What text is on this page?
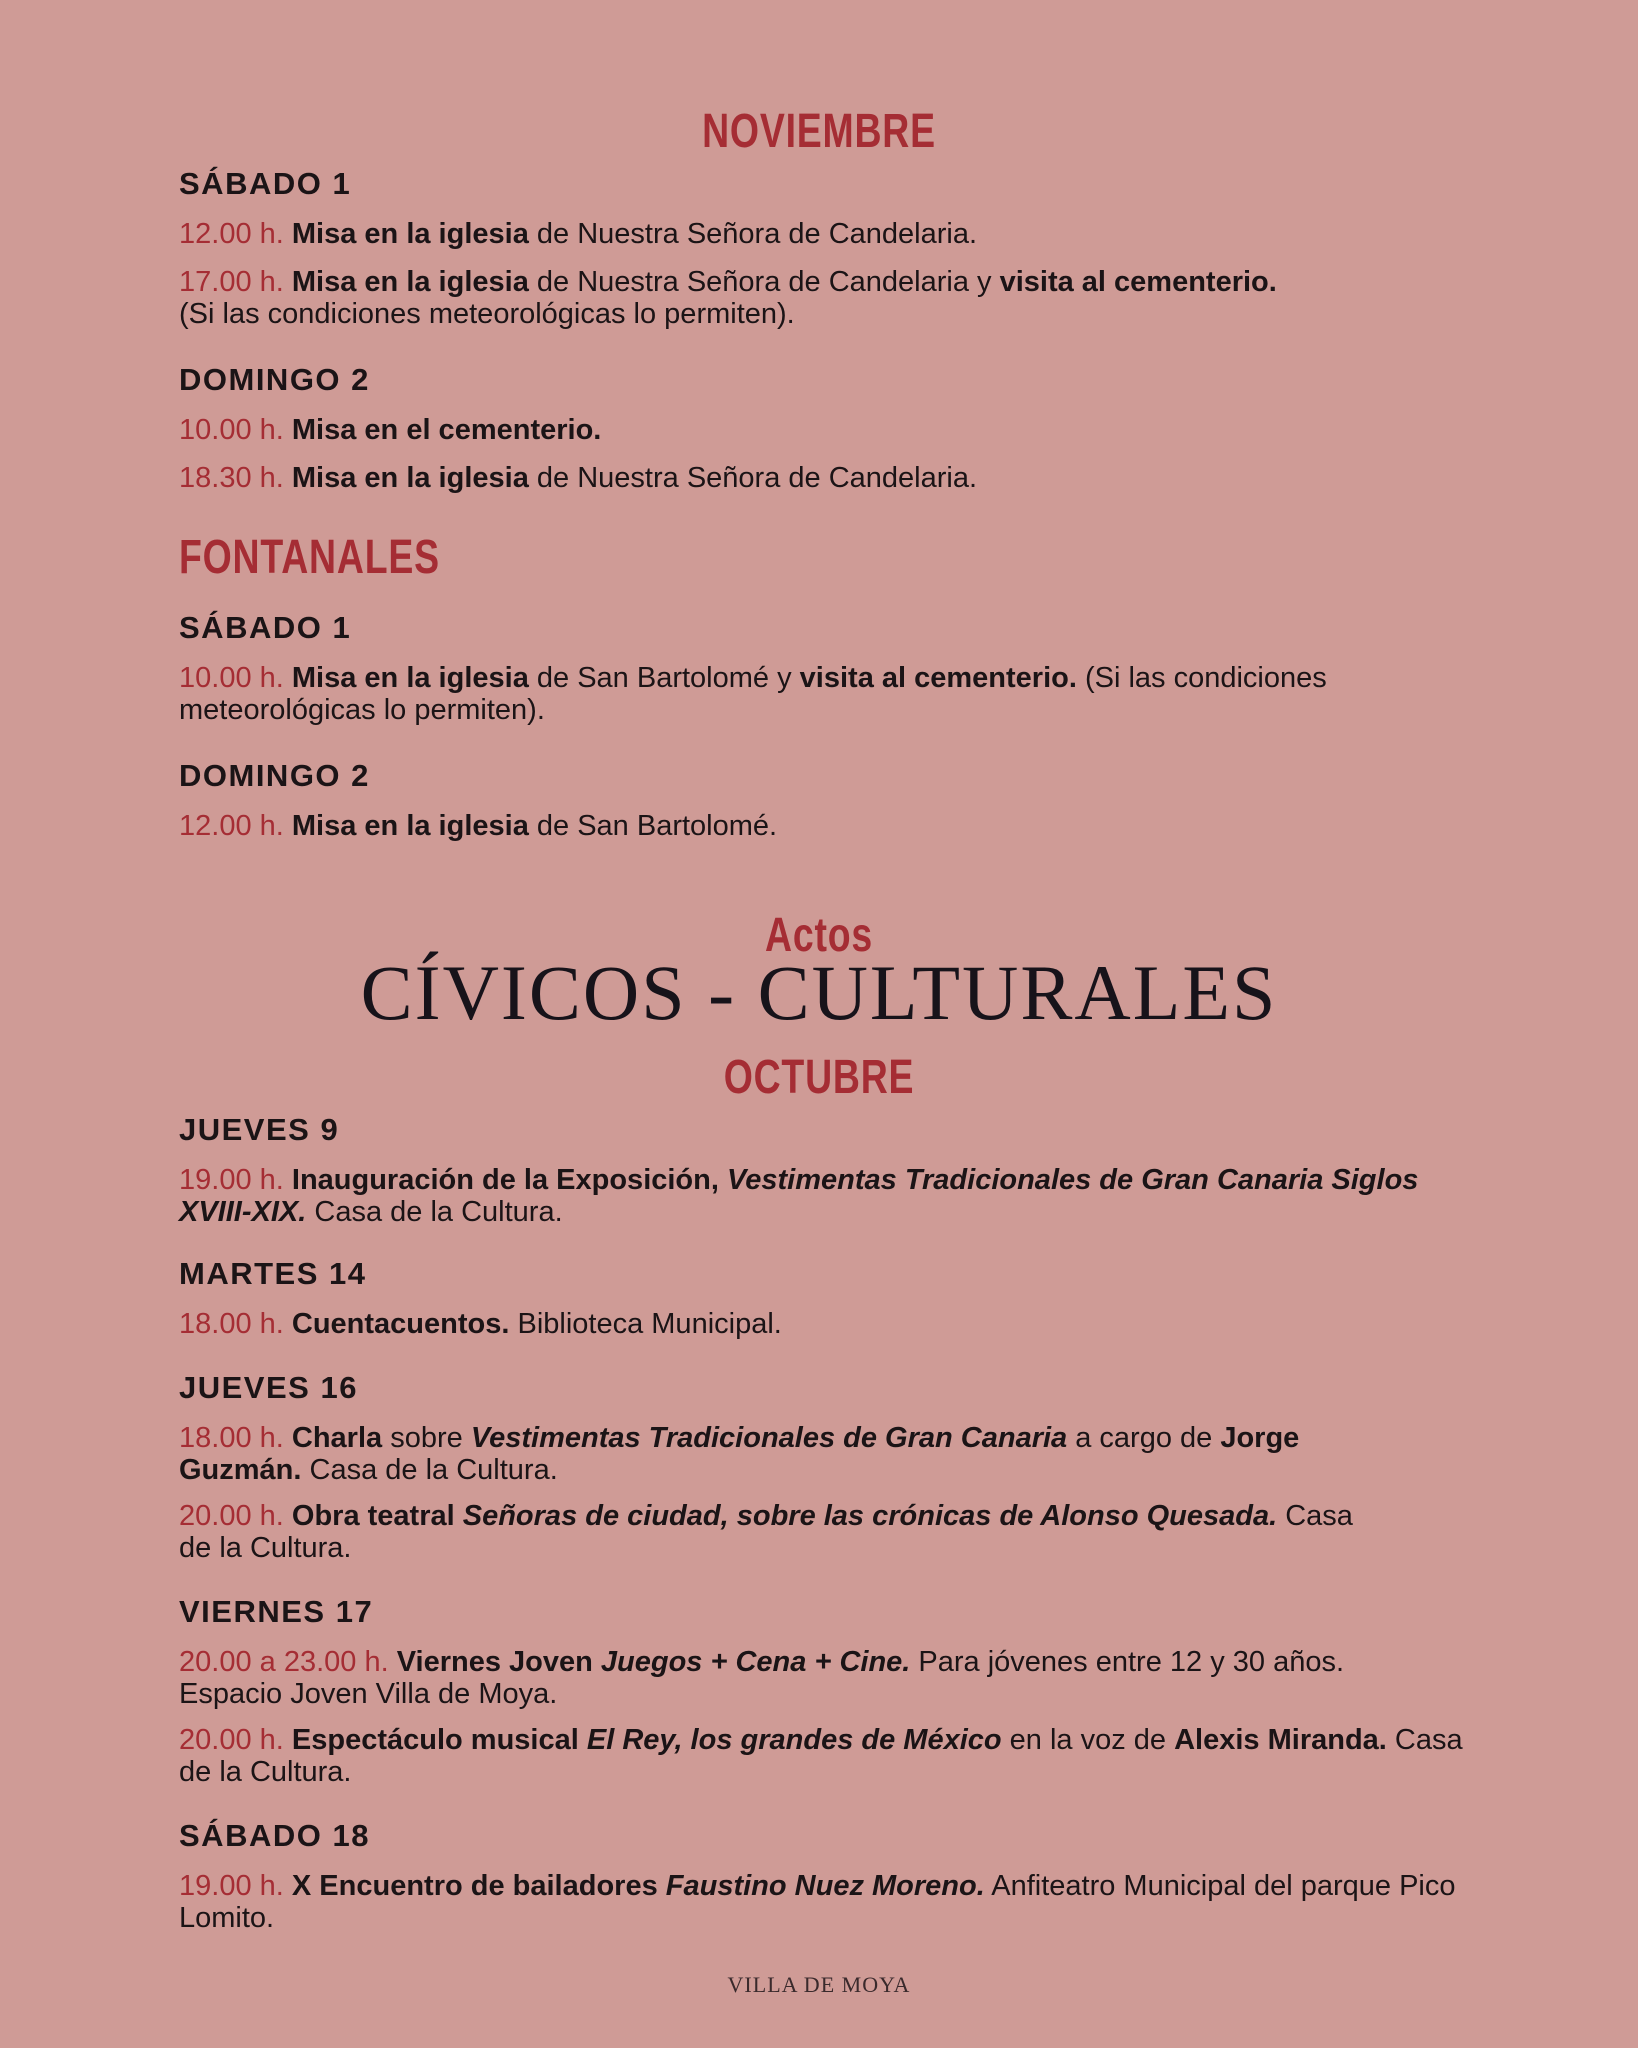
NOVIEMBRE
SÁBADO 1
12.00 h. Misa en la iglesia de Nuestra Señora de Candelaria.
17.00 h. Misa en la iglesia de Nuestra Señora de Candelaria y visita al cementerio.
(Si las condiciones meteorológicas lo permiten).
DOMINGO 2
10.00 h. Misa en el cementerio.
18.30 h. Misa en la iglesia de Nuestra Señora de Candelaria.
FONTANALES
SÁBADO 1
10.00 h. Misa en la iglesia de San Bartolomé y visita al cementerio. (Si las condiciones meteorológicas lo permiten).
DOMINGO 2
12.00 h. Misa en la iglesia de San Bartolomé.
Actos
CÍVICOS - CULTURALES
OCTUBRE
JUEVES 9
19.00 h. Inauguración de la Exposición, Vestimentas Tradicionales de Gran Canaria Siglos XVIII-XIX. Casa de la Cultura.
MARTES 14
18.00 h. Cuentacuentos. Biblioteca Municipal.
JUEVES 16
18.00 h. Charla sobre Vestimentas Tradicionales de Gran Canaria a cargo de Jorge Guzmán. Casa de la Cultura.
20.00 h. Obra teatral Señoras de ciudad, sobre las crónicas de Alonso Quesada. Casa de la Cultura.
VIERNES 17
20.00 a 23.00 h. Viernes Joven Juegos + Cena + Cine. Para jóvenes entre 12 y 30 años. Espacio Joven Villa de Moya.
20.00 h. Espectáculo musical El Rey, los grandes de México en la voz de Alexis Miranda. Casa de la Cultura.
SÁBADO 18
19.00 h. X Encuentro de bailadores Faustino Nuez Moreno. Anfiteatro Municipal del parque Pico Lomito.
VILLA DE MOYA
